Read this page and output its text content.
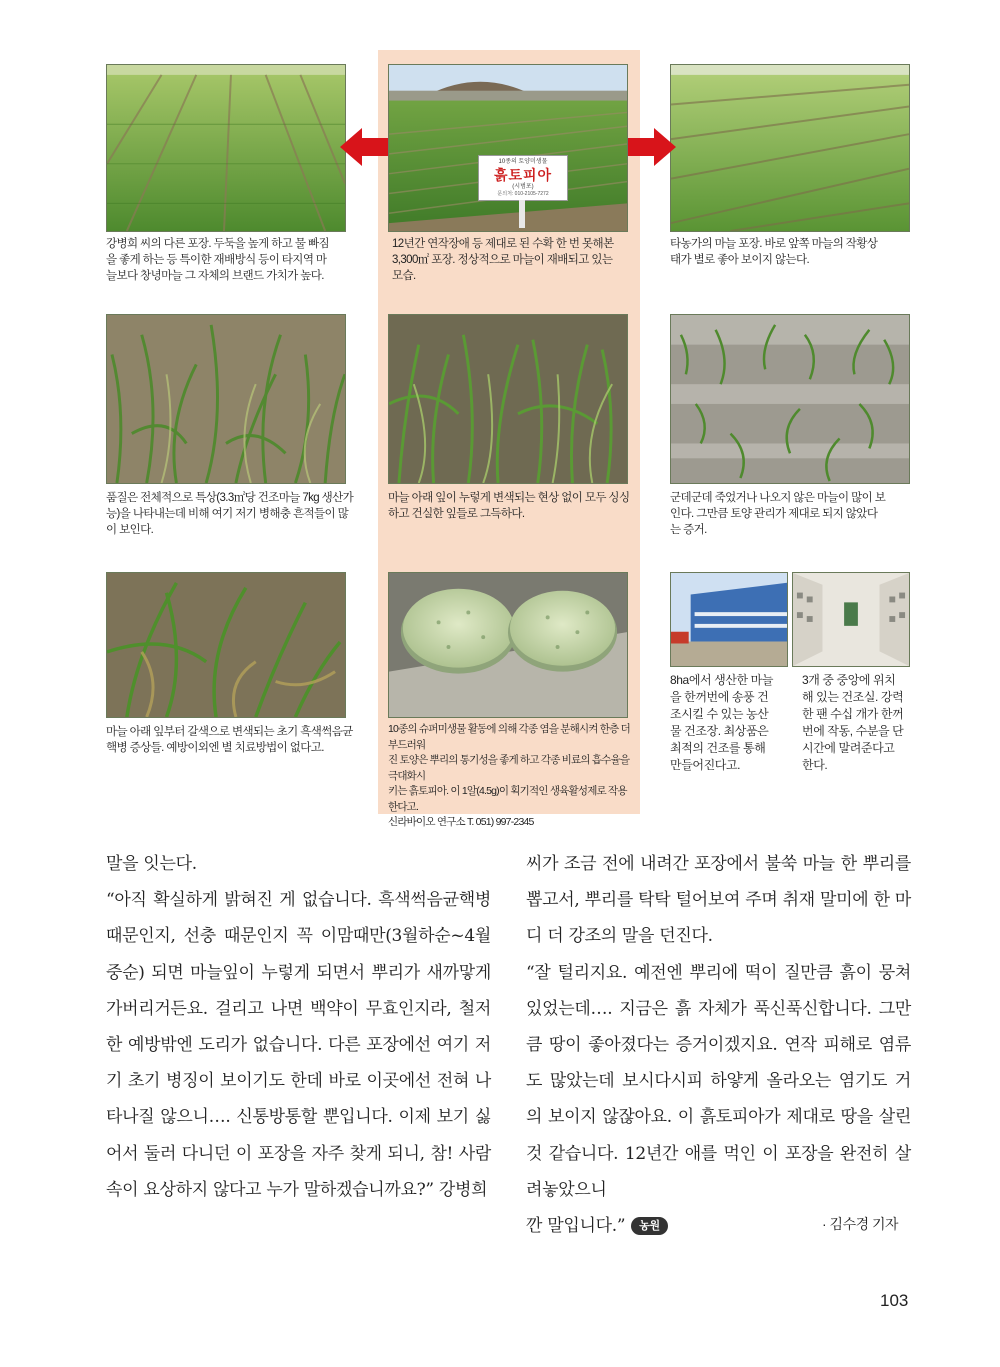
10종의 토양미생물
흙토피아
(시범포)
문의처: 010-2105-7272
강병희 씨의 다른 포장. 두둑을 높게 하고 물 빠짐
을 좋게 하는 등 특이한 재배방식 등이 타지역 마
늘보다 창녕마늘 그 자체의 브랜드 가치가 높다.
12년간 연작장애 등 제대로 된 수확 한 번 못해본
3,300㎡ 포장. 정상적으로 마늘이 재배되고 있는
모습.
타농가의 마늘 포장. 바로 앞쪽 마늘의 작황상
태가 별로 좋아 보이지 않는다.
품질은 전체적으로 특상(3.3㎡당 건조마늘 7kg 생산가
능)을 나타내는데 비해 여기 저기 병해충 흔적들이 많
이 보인다.
마늘 아래 잎이 누렇게 변색되는 현상 없이 모두 싱싱
하고 건실한 잎들로 그득하다.
군데군데 죽었거나 나오지 않은 마늘이 많이 보
인다. 그만큼 토양 관리가 제대로 되지 않았다
는 증거.
마늘 아래 잎부터 갈색으로 변색되는 초기 흑색썩음균
핵병 증상들. 예방이외엔 별 치료방법이 없다고.
10종의 슈퍼미생물 활동에 의해 각종 염을 분해시켜 한층 더 부드러워
진 토양은 뿌리의 통기성을 좋게 하고 각종 비료의 흡수율을 극대화시
키는 흙토피아. 이 1알(4.5g)이 획기적인 생육활성제로 작용한다고.
신라바이오 연구소 T. 051) 997-2345
8ha에서 생산한 마늘
을 한꺼번에 송풍 건
조시킬 수 있는 농산
물 건조장. 최상품은
최적의 건조를 통해
만들어진다고.
3개 중 중앙에 위치
해 있는 건조실. 강력
한 팬 수십 개가 한꺼
번에 작동, 수분을 단
시간에 말려준다고
한다.

말을 잇는다.

“아직 확실하게 밝혀진 게 없습니다. 흑색썩음균핵병 때문인지, 선충 때문인지 꼭 이맘때만(3월하순~4월중순) 되면 마늘잎이 누렇게 되면서 뿌리가 새까맣게 가버리거든요. 걸리고 나면 백약이 무효인지라, 철저한 예방밖엔 도리가 없습니다. 다른 포장에선 여기 저기 초기 병징이 보이기도 한데 바로 이곳에선 전혀 나타나질 않으니…. 신통방통할 뿐입니다. 이제 보기 싫어서 둘러 다니던 이 포장을 자주 찾게 되니, 참! 사람 속이 요상하지 않다고 누가 말하겠습니까요?” 강병희

씨가 조금 전에 내려간 포장에서 불쑥 마늘 한 뿌리를 뽑고서, 뿌리를 탁탁 털어보여 주며 취재 말미에 한 마디 더 강조의 말을 던진다.

“잘 털리지요. 예전엔 뿌리에 떡이 질만큼 흙이 뭉쳐있었는데…. 지금은 흙 자체가 푹신푹신합니다. 그만큼 땅이 좋아졌다는 증거이겠지요. 연작 피해로 염류도 많았는데 보시다시피 하얗게 올라오는 염기도 거의 보이지 않잖아요. 이 흙토피아가 제대로 땅을 살린 것 같습니다. 12년간 애를 먹인 이 포장을 완전히 살려놓았으니

깐 말입니다.” 농원	· 김수경 기자
103
